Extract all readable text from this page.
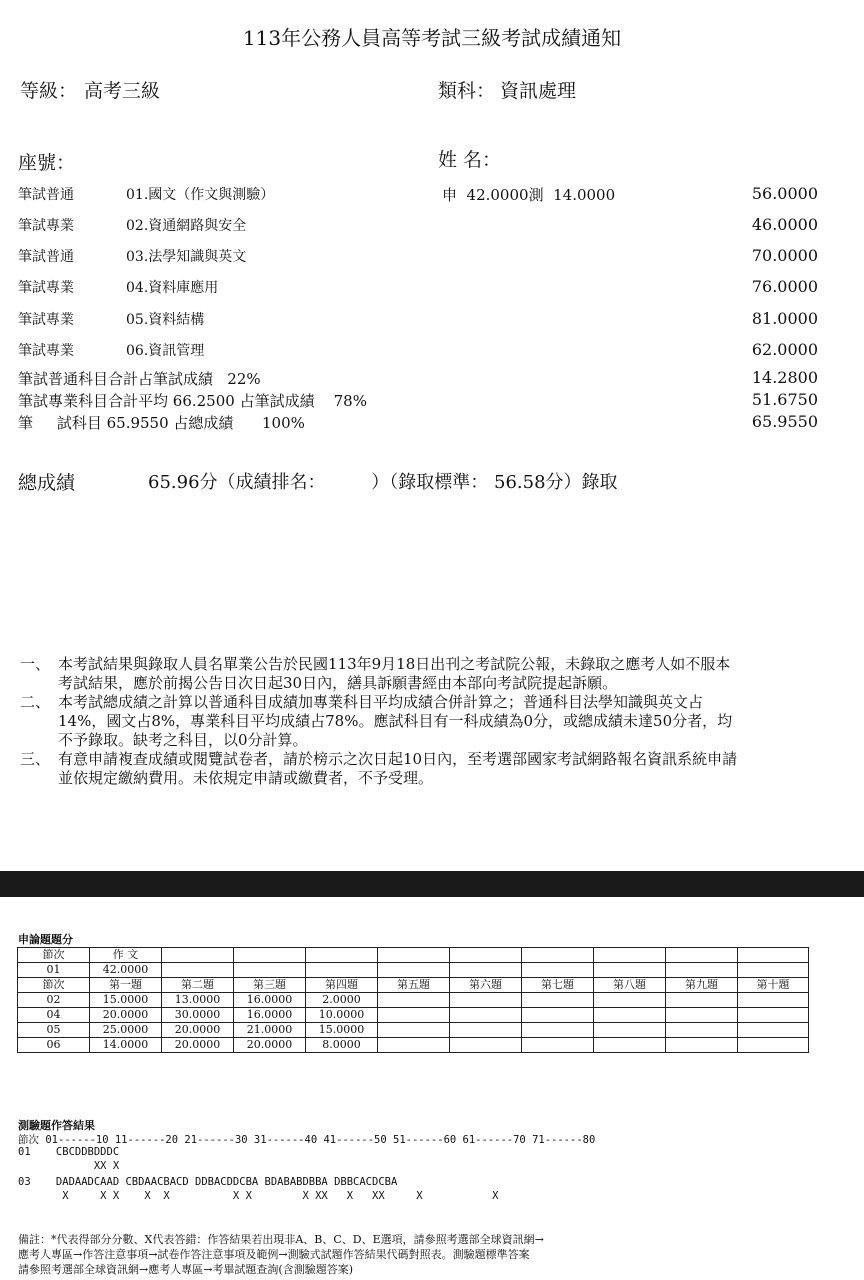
113年公務人員高等考試三級考試成績通知
等級： 高考三級	類科： 資訊處理
座號：	姓 名：
筆試普通	01.國文（作文與測驗）	申  42.0000測  14.0000	56.0000
筆試專業	02.資通網路與安全	46.0000
筆試普通	03.法學知識與英文	70.0000
筆試專業	04.資料庫應用	76.0000
筆試專業	05.資料結構	81.0000
筆試專業	06.資訊管理	62.0000
筆試普通科目合計占筆試成績   22%	14.2800
筆試專業科目合計平均 66.2500 占筆試成績    78%	51.6750
筆     試科目 65.9550 占總成績      100%	65.9550
總成績	65.96分（成績排名：        ）（錄取標準： 56.58分）錄取

一、 本考試結果與錄取人員名單業公告於民國113年9月18日出刊之考試院公報，未錄取之應考人如不服本考試結果，應於前揭公告日次日起30日內，繕具訴願書經由本部向考試院提起訴願。

二、 本考試總成績之計算以普通科目成績加專業科目平均成績合併計算之；普通科目法學知識與英文占14%，國文占8%，專業科目平均成績占78%。應試科目有一科成績為0分，或總成績未達50分者，均不予錄取。缺考之科目，以0分計算。

三、 有意申請複查成績或閱覽試卷者，請於榜示之次日起10日內，至考選部國家考試網路報名資訊系統申請並依規定繳納費用。未依規定申請或繳費者，不予受理。

申論題題分
節次	作 文									
01	42.0000									
節次	第一題	第二題	第三題	第四題	第五題	第六題	第七題	第八題	第九題	第十題
02	15.0000	13.0000	16.0000	2.0000						
04	20.0000	30.0000	16.0000	10.0000						
05	25.0000	20.0000	21.0000	15.0000						
06	14.0000	20.0000	20.0000	8.0000						
測驗題作答結果
節次 01------10 11------20 21------30 31------40 41------50 51------60 61------70 71------80
01    CBCDDBDDDC
XX X
03    DADAADCAAD CBDAACBACD DDBACDDCBA BDABABDBBA DBBCACDCBA
X     X X    X  X          X X        X XX   X   XX     X           X
備註：*代表得部分分數、X代表答錯：作答結果若出現非A、B、C、D、E選項，請參照考選部全球資訊網→
應考人專區→作答注意事項→試卷作答注意事項及範例→測驗式試題作答結果代碼對照表。測驗題標準答案
請參照考選部全球資訊網→應考人專區→考畢試題查詢(含測驗題答案)
